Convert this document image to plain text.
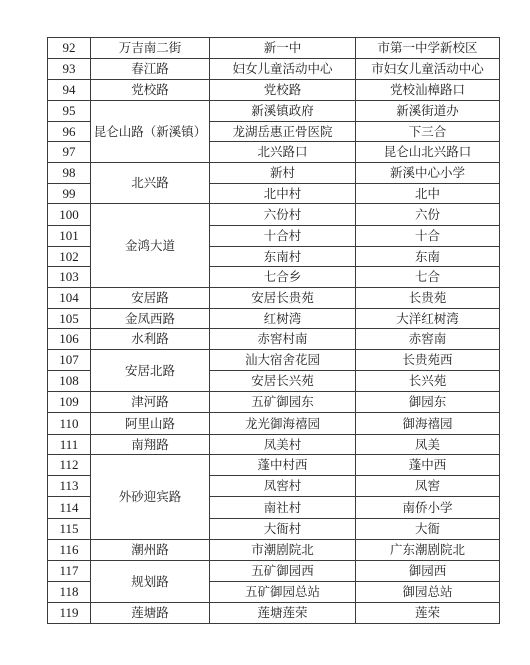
92	万吉南二街	新一中	市第一中学新校区
93	春江路	妇女儿童活动中心	市妇女儿童活动中心
94	党校路	党校路	党校汕樟路口
95	昆仑山路（新溪镇）	新溪镇政府	新溪街道办
96		龙湖岳惠正骨医院	下三合
97		北兴路口	昆仑山北兴路口
98	北兴路	新村	新溪中心小学
99		北中村	北中
100	金鸿大道	六份村	六份
101		十合村	十合
102		东南村	东南
103		七合乡	七合
104	安居路	安居长贵苑	长贵苑
105	金凤西路	红树湾	大洋红树湾
106	水利路	赤窖村南	赤窖南
107	安居北路	汕大宿舍花园	长贵苑西
108		安居长兴苑	长兴苑
109	津河路	五矿御园东	御园东
110	阿里山路	龙光御海禧园	御海禧园
111	南翔路	凤美村	凤美
112	外砂迎宾路	蓬中村西	蓬中西
113		凤窖村	凤窖
114		南社村	南侨小学
115		大衙村	大衙
116	潮州路	市潮剧院北	广东潮剧院北
117	规划路	五矿御园西	御园西
118		五矿御园总站	御园总站
119	莲塘路	莲塘莲荣	莲荣
